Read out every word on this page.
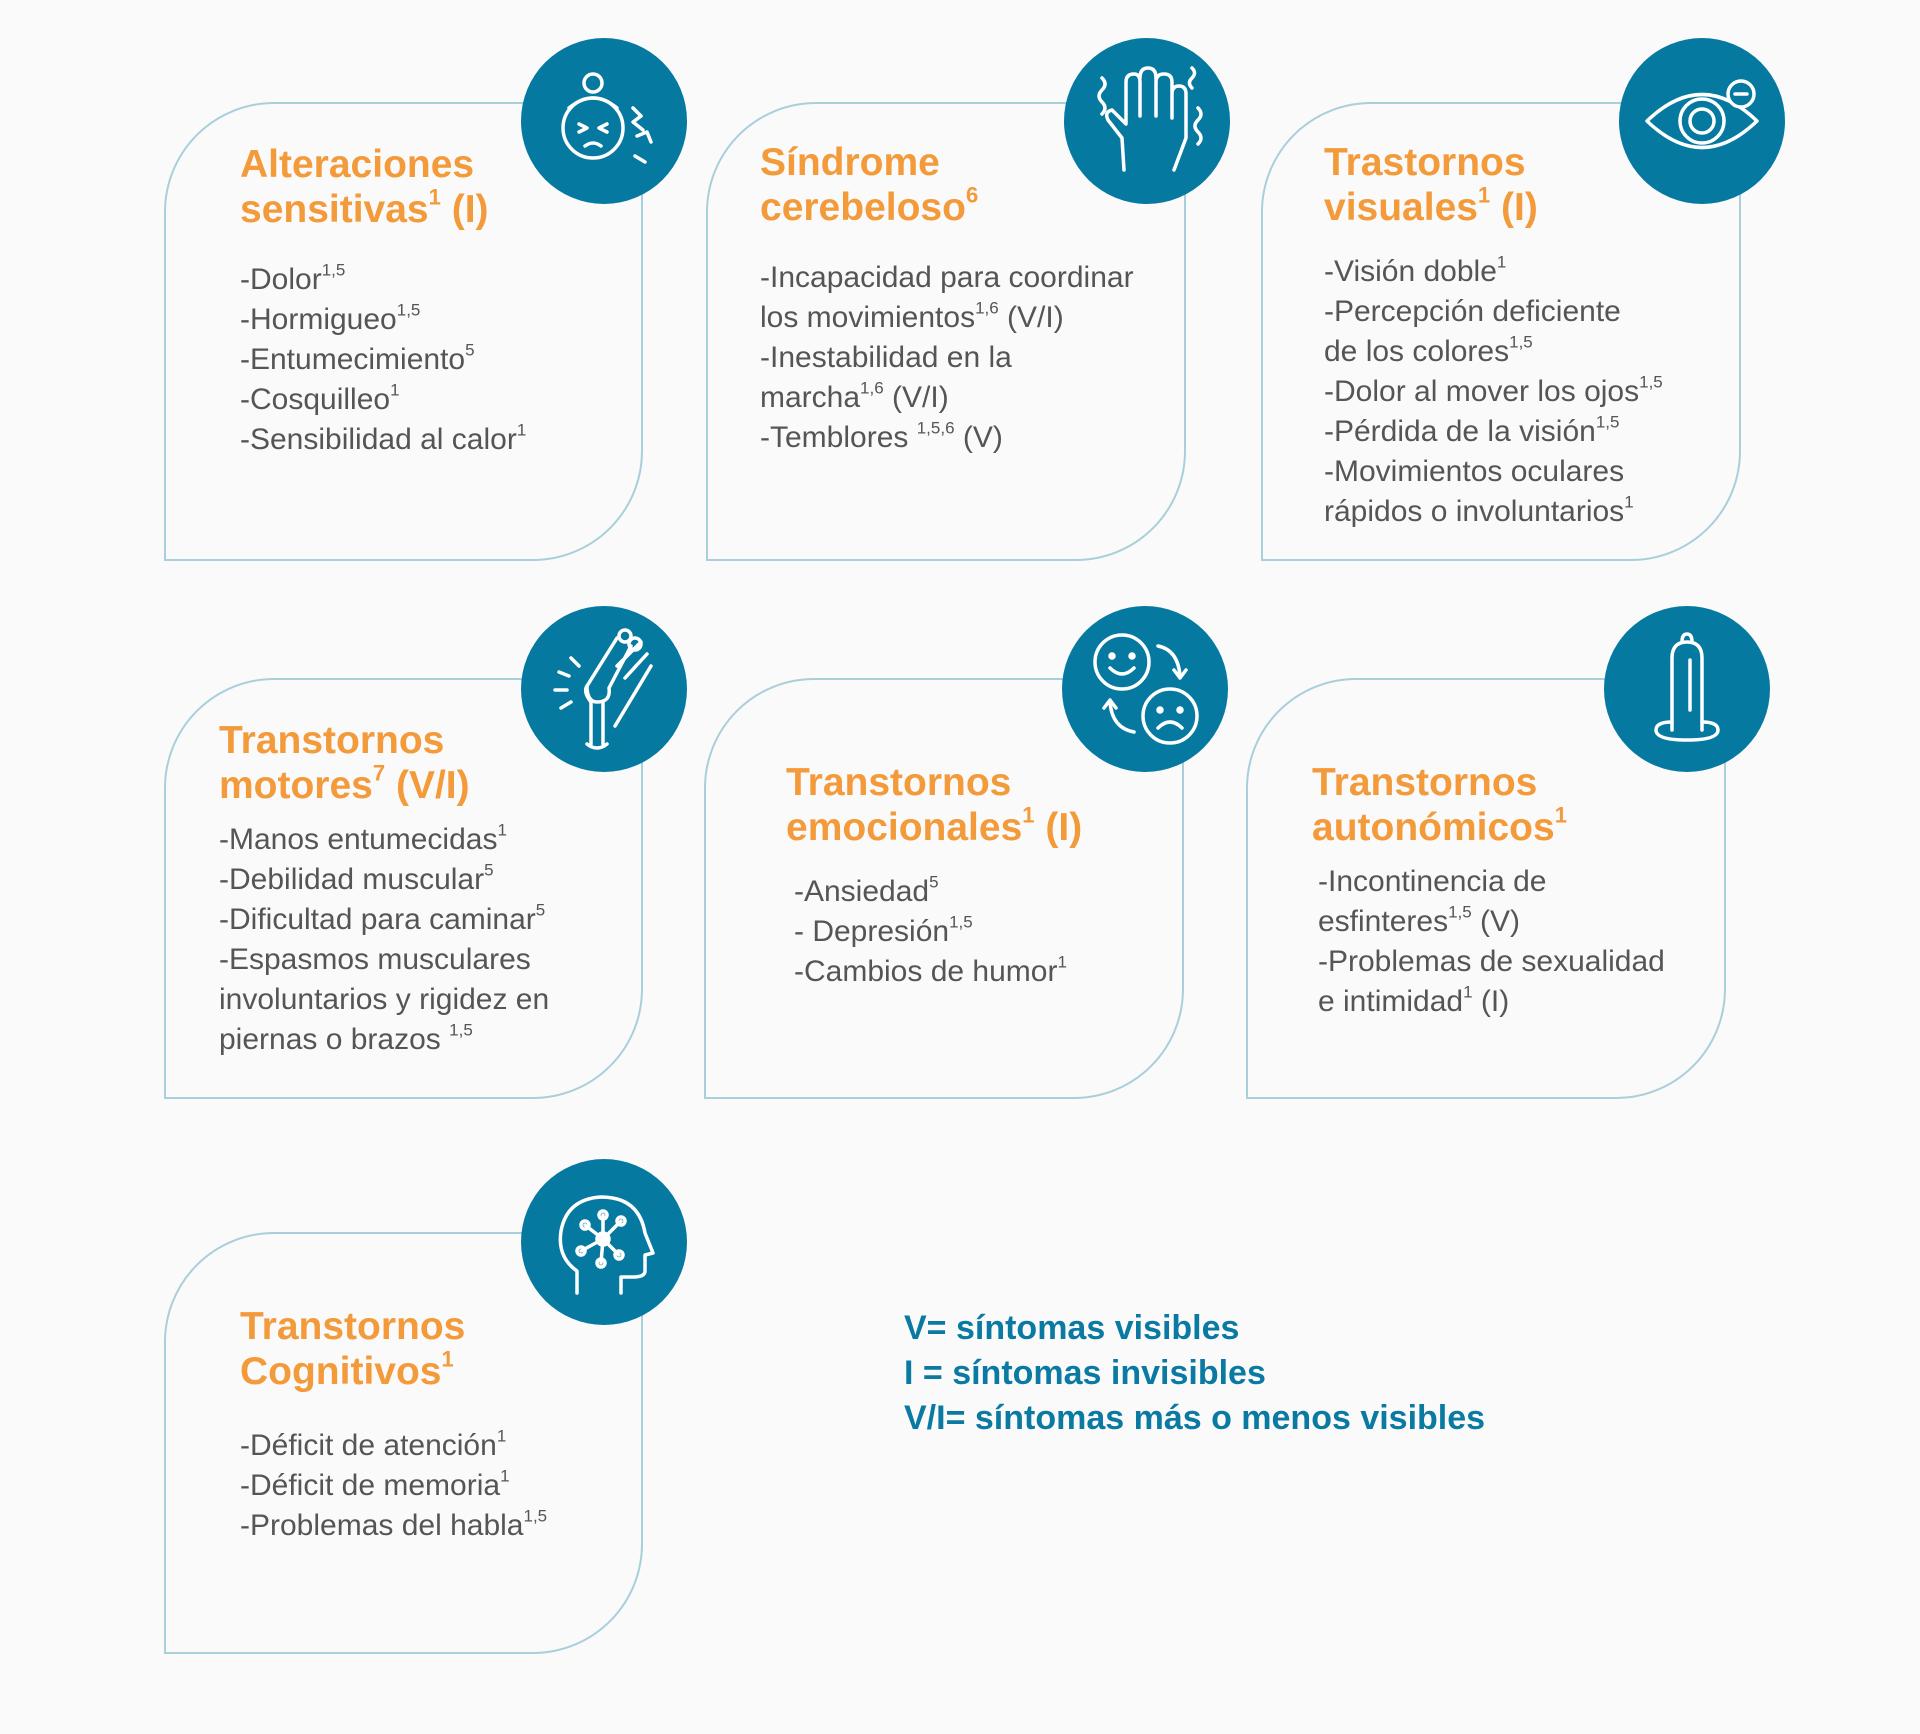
Alteraciones
sensitivas$^1$ (I)
-Dolor$^{1,5}$
-Hormigueo$^{1,5}$
-Entumecimiento$^5$
-Cosquilleo$^1$
-Sensibilidad al calor$^1$
Síndrome
cerebeloso$^6$
-Incapacidad para coordinar
los movimientos$^{1,6}$ (V/I)
-Inestabilidad en la
marcha$^{1,6}$ (V/I)
-Temblores $^{1,5,6}$ (V)
Trastornos
visuales$^1$ (I)
-Visión doble$^1$
-Percepción deficiente
de los colores$^{1,5}$
-Dolor al mover los ojos$^{1,5}$
-Pérdida de la visión$^{1,5}$
-Movimientos oculares
rápidos o involuntarios$^1$
Transtornos
motores$^7$ (V/I)
-Manos entumecidas$^1$
-Debilidad muscular$^5$
-Dificultad para caminar$^5$
-Espasmos musculares
involuntarios y rigidez en
piernas o brazos $^{1,5}$
Transtornos
emocionales$^1$ (I)
-Ansiedad$^5$
- Depresión$^{1,5}$
-Cambios de humor$^1$
Transtornos
autonómicos$^1$
-Incontinencia de
esfinteres$^{1,5}$ (V)
-Problemas de sexualidad
e intimidad$^1$ (I)
Transtornos
Cognitivos$^1$
-Déficit de atención$^1$
-Déficit de memoria$^1$
-Problemas del habla$^{1,5}$
V= síntomas visibles
I = síntomas invisibles
V/I= síntomas más o menos visibles
